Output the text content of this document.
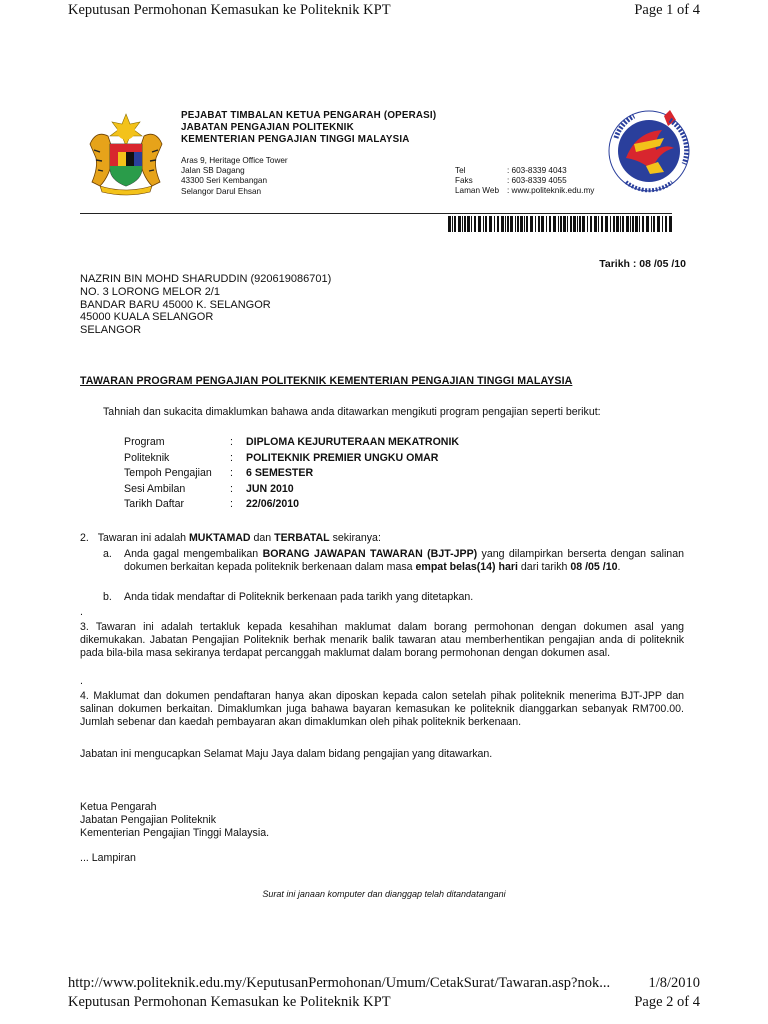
Keputusan Permohonan Kemasukan ke Politeknik KPT	Page 1 of 4
PEJABAT TIMBALAN KETUA PENGARAH (OPERASI)
JABATAN PENGAJIAN POLITEKNIK
KEMENTERIAN PENGAJIAN TINGGI MALAYSIA
Aras 9, Heritage Office Tower
Jalan SB Dagang
43300 Seri Kembangan
Selangor Darul Ehsan
Tel	: 603-8339 4043
Faks	: 603-8339 4055
Laman Web : www.politeknik.edu.my
Tarikh : 08 /05 /10
NAZRIN BIN MOHD SHARUDDIN (920619086701)
NO. 3 LORONG MELOR 2/1
BANDAR BARU 45000 K. SELANGOR
45000 KUALA SELANGOR
SELANGOR
TAWARAN PROGRAM PENGAJIAN POLITEKNIK KEMENTERIAN PENGAJIAN TINGGI MALAYSIA
Tahniah dan sukacita dimaklumkan bahawa anda ditawarkan mengikuti program pengajian seperti berikut:
Program	:	DIPLOMA KEJURUTERAAN MEKATRONIK
Politeknik	:	POLITEKNIK PREMIER UNGKU OMAR
Tempoh Pengajian	:	6 SEMESTER
Sesi Ambilan	:	JUN 2010
Tarikh Daftar	:	22/06/2010
2. Tawaran ini adalah MUKTAMAD dan TERBATAL sekiranya:
a. Anda gagal mengembalikan BORANG JAWAPAN TAWARAN (BJT-JPP) yang dilampirkan berserta dengan salinan dokumen berkaitan kepada politeknik berkenaan dalam masa empat belas(14) hari dari tarikh 08 /05 /10.
b. Anda tidak mendaftar di Politeknik berkenaan pada tarikh yang ditetapkan.
.
3. Tawaran ini adalah tertakluk kepada kesahihan maklumat dalam borang permohonan dengan dokumen asal yang dikemukakan. Jabatan Pengajian Politeknik berhak menarik balik tawaran atau memberhentikan pengajian anda di politeknik pada bila-bila masa sekiranya terdapat percanggah maklumat dalam borang permohonan dengan dokumen asal.
.
4. Maklumat dan dokumen pendaftaran hanya akan diposkan kepada calon setelah pihak politeknik menerima BJT-JPP dan salinan dokumen berkaitan. Dimaklumkan juga bahawa bayaran kemasukan ke politeknik dianggarkan sebanyak RM700.00. Jumlah sebenar dan kaedah pembayaran akan dimaklumkan oleh pihak politeknik berkenaan.
Jabatan ini mengucapkan Selamat Maju Jaya dalam bidang pengajian yang ditawarkan.
Ketua Pengarah
Jabatan Pengajian Politeknik
Kementerian Pengajian Tinggi Malaysia.
... Lampiran
Surat ini janaan komputer dan dianggap telah ditandatangani
http://www.politeknik.edu.my/KeputusanPermohonan/Umum/CetakSurat/Tawaran.asp?nok...	1/8/2010
Keputusan Permohonan Kemasukan ke Politeknik KPT	Page 2 of 4
